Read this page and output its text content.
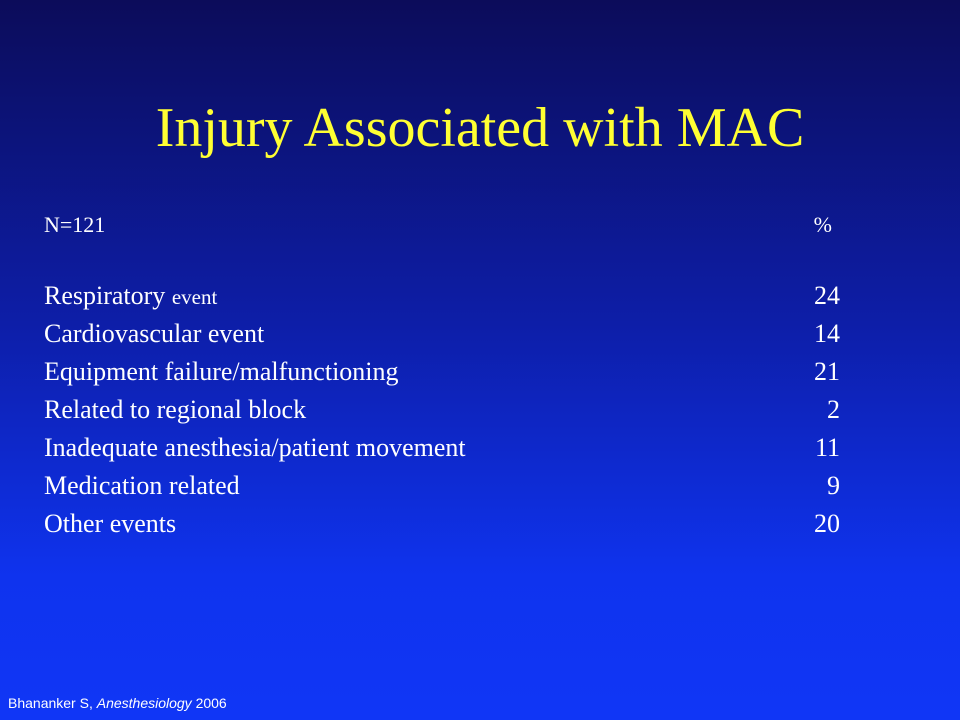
Injury Associated with MAC
N=121	%
Respiratory event	24
Cardiovascular event	14
Equipment failure/malfunctioning	21
Related to regional block	2
Inadequate anesthesia/patient movement	11
Medication related	9
Other events	20
Bhananker S, Anesthesiology 2006
